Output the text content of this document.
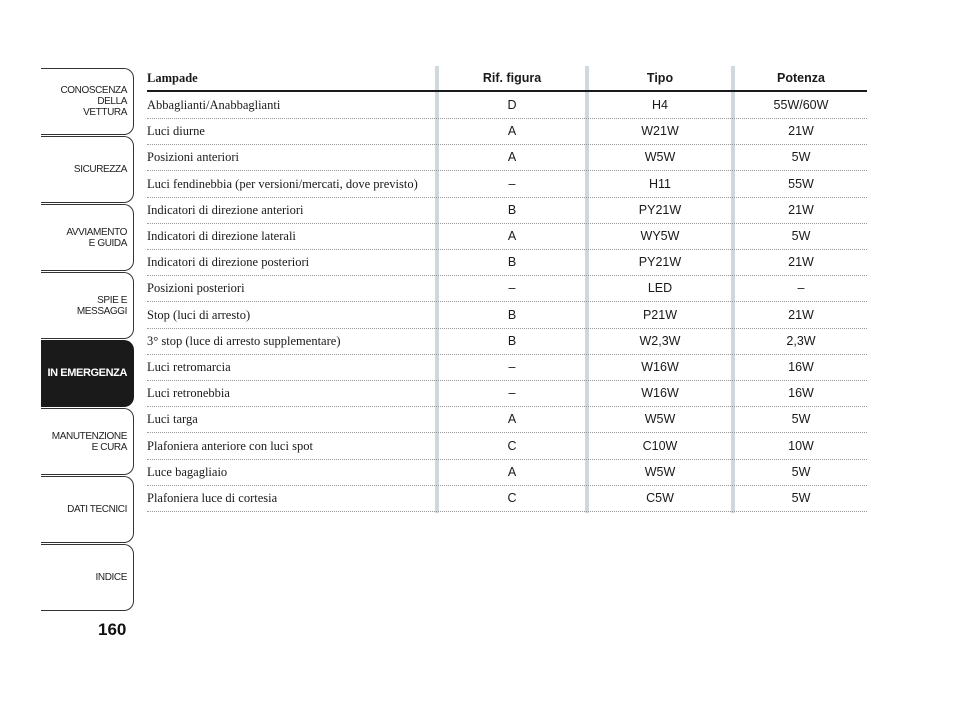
CONOSCENZA
DELLA
VETTURA
SICUREZZA
AVVIAMENTO
E GUIDA
SPIE E
MESSAGGI
IN EMERGENZA
MANUTENZIONE
E CURA
DATI TECNICI
INDICE
160
Lampade	Rif. figura	Tipo	Potenza
Abbaglianti/Anabbaglianti	D	H4	55W/60W
Luci diurne	A	W21W	21W
Posizioni anteriori	A	W5W	5W
Luci fendinebbia (per versioni/mercati, dove previsto)	–	H11	55W
Indicatori di direzione anteriori	B	PY21W	21W
Indicatori di direzione laterali	A	WY5W	5W
Indicatori di direzione posteriori	B	PY21W	21W
Posizioni posteriori	–	LED	–
Stop (luci di arresto)	B	P21W	21W
3° stop (luce di arresto supplementare)	B	W2,3W	2,3W
Luci retromarcia	–	W16W	16W
Luci retronebbia	–	W16W	16W
Luci targa	A	W5W	5W
Plafoniera anteriore con luci spot	C	C10W	10W
Luce bagagliaio	A	W5W	5W
Plafoniera luce di cortesia	C	C5W	5W
